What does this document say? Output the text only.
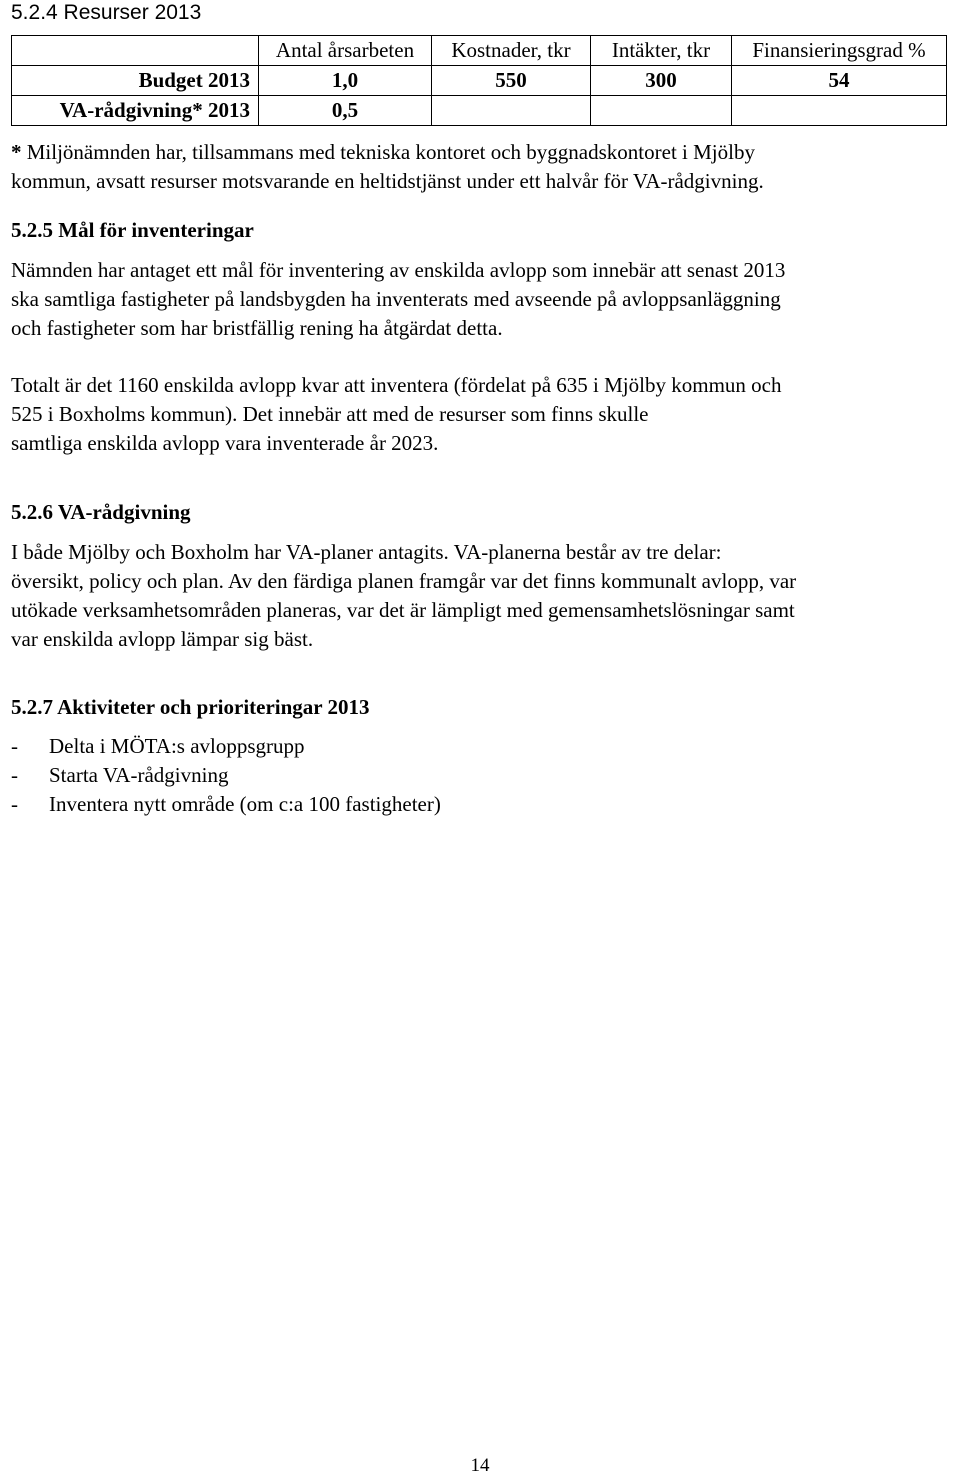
5.2.4 Resurser 2013
	Antal årsarbeten	Kostnader, tkr	Intäkter, tkr	Finansieringsgrad %
Budget 2013	1,0	550	300	54
VA-rådgivning* 2013	0,5			
* Miljönämnden har, tillsammans med tekniska kontoret och byggnadskontoret i Mjölby
kommun, avsatt resurser motsvarande en heltidstjänst under ett halvår för VA-rådgivning.
5.2.5 Mål för inventeringar
Nämnden har antaget ett mål för inventering av enskilda avlopp som innebär att senast 2013
ska samtliga fastigheter på landsbygden ha inventerats med avseende på avloppsanläggning
och fastigheter som har bristfällig rening ha åtgärdat detta.
Totalt är det 1160 enskilda avlopp kvar att inventera (fördelat på 635 i Mjölby kommun och
525 i Boxholms kommun). Det innebär att med de resurser som finns skulle
samtliga enskilda avlopp vara inventerade år 2023.
5.2.6 VA-rådgivning
I både Mjölby och Boxholm har VA-planer antagits. VA-planerna består av tre delar:
översikt, policy och plan. Av den färdiga planen framgår var det finns kommunalt avlopp, var
utökade verksamhetsområden planeras, var det är lämpligt med gemensamhetslösningar samt
var enskilda avlopp lämpar sig bäst.
5.2.7 Aktiviteter och prioriteringar 2013
-	Delta i MÖTA:s avloppsgrupp
-	Starta VA-rådgivning
-	Inventera nytt område (om c:a 100 fastigheter)
14
